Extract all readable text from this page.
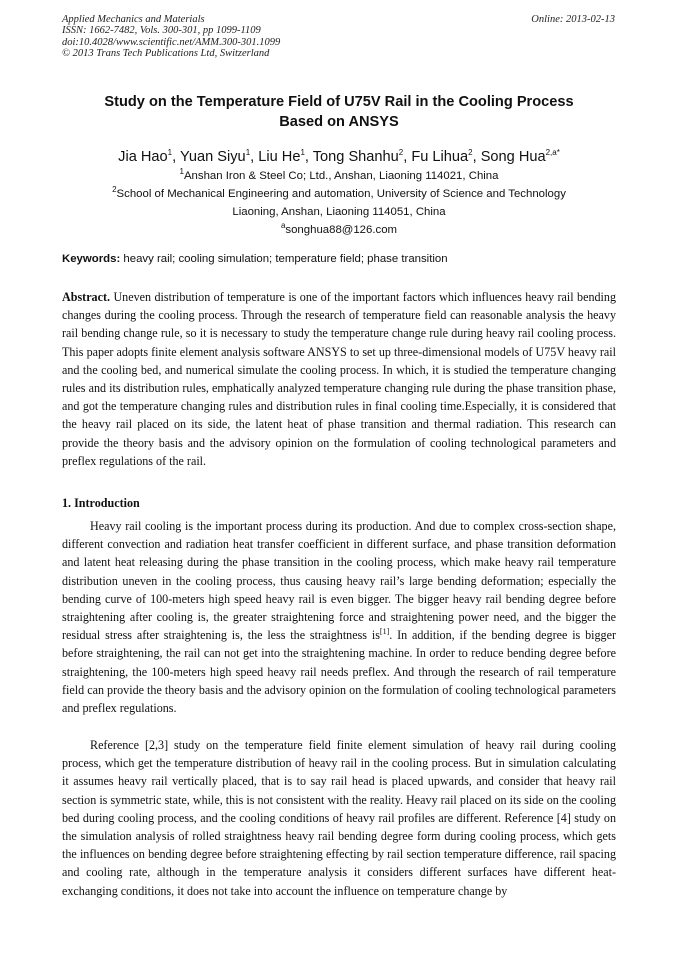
Applied Mechanics and Materials
ISSN: 1662-7482, Vols. 300-301, pp 1099-1109
doi:10.4028/www.scientific.net/AMM.300-301.1099
© 2013 Trans Tech Publications Ltd, Switzerland
Online: 2013-02-13
Study on the Temperature Field of U75V Rail in the Cooling Process
Based on ANSYS
Jia Hao$^1$, Yuan Siyu$^1$, Liu He$^1$, Tong Shanhu$^2$, Fu Lihua$^2$, Song Hua$^{2,a*}$
$^1$Anshan Iron & Steel Co; Ltd., Anshan, Liaoning 114021, China
$^2$School of Mechanical Engineering and automation, University of Science and Technology
Liaoning, Anshan, Liaoning 114051, China
$^a$songhua88@126.com
Keywords: heavy rail; cooling simulation; temperature field; phase transition
Abstract. Uneven distribution of temperature is one of the important factors which influences heavy rail bending changes during the cooling process. Through the research of temperature field can reasonable analysis the heavy rail bending change rule, so it is necessary to study the temperature change rule during heavy rail cooling process. This paper adopts finite element analysis software ANSYS to set up three-dimensional models of U75V heavy rail and the cooling bed, and numerical simulate the cooling process. In which, it is studied the temperature changing rules and its distribution rules, emphatically analyzed temperature changing rule during the phase transition phase, and got the temperature changing rules and distribution rules in final cooling time.Especially, it is considered that the heavy rail placed on its side, the latent heat of phase transition and thermal radiation. This research can provide the theory basis and the advisory opinion on the formulation of cooling technological parameters and preflex regulations of the rail.
1. Introduction
Heavy rail cooling is the important process during its production. And due to complex cross-section shape, different convection and radiation heat transfer coefficient in different surface, and phase transition deformation and latent heat releasing during the phase transition in the cooling process, which make heavy rail temperature distribution uneven in the cooling process, thus causing heavy rail’s large bending deformation; especially the bending curve of 100-meters high speed heavy rail is even bigger. The bigger heavy rail bending degree before straightening after cooling is, the greater straightening force and straightening power need, and the bigger the residual stress after straightening is, the less the straightness is[1]. In addition, if the bending degree is bigger before straightening, the rail can not get into the straightening machine. In order to reduce bending degree before straightening, the 100-meters high speed heavy rail needs preflex. And through the research of rail temperature field can provide the theory basis and the advisory opinion on the formulation of cooling technological parameters and preflex regulations.
Reference [2,3] study on the temperature field finite element simulation of heavy rail during cooling process, which get the temperature distribution of heavy rail in the cooling process. But in simulation calculating it assumes heavy rail vertically placed, that is to say rail head is placed upwards, and consider that heavy rail section is symmetric state, while, this is not consistent with the reality. Heavy rail placed on its side on the cooling bed during cooling process, and the cooling conditions of heavy rail profiles are different. Reference [4] study on the simulation analysis of rolled straightness heavy rail bending degree form during cooling process, which gets the influences on bending degree before straightening effecting by rail section temperature difference, rail spacing and cooling rate, although in the temperature analysis it considers different surfaces have different heat-exchanging conditions, it does not take into account the influence on temperature change by
